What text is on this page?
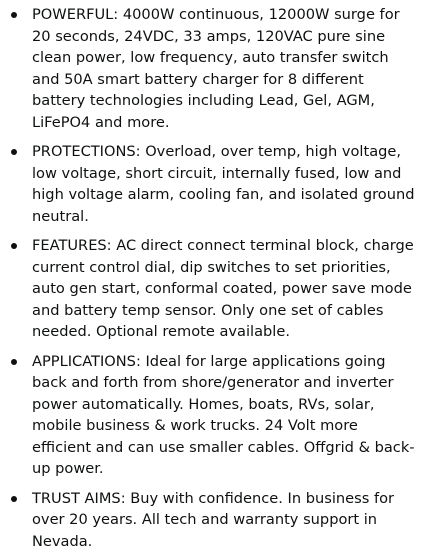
POWERFUL: 4000W continuous, 12000W surge for 20 seconds, 24VDC, 33 amps, 120VAC pure sine clean power, low frequency, auto transfer switch and 50A smart battery charger for 8 different battery technologies including Lead, Gel, AGM, LiFePO4 and more.
PROTECTIONS: Overload, over temp, high voltage, low voltage, short circuit, internally fused, low and high voltage alarm, cooling fan, and isolated ground neutral.
FEATURES: AC direct connect terminal block, charge current control dial, dip switches to set priorities, auto gen start, conformal coated, power save mode and battery temp sensor. Only one set of cables needed. Optional remote available.
APPLICATIONS: Ideal for large applications going back and forth from shore/generator and inverter power automatically. Homes, boats, RVs, solar, mobile business & work trucks. 24 Volt more efficient and can use smaller cables. Offgrid & back-up power.
TRUST AIMS: Buy with confidence. In business for over 20 years. All tech and warranty support in Nevada.
